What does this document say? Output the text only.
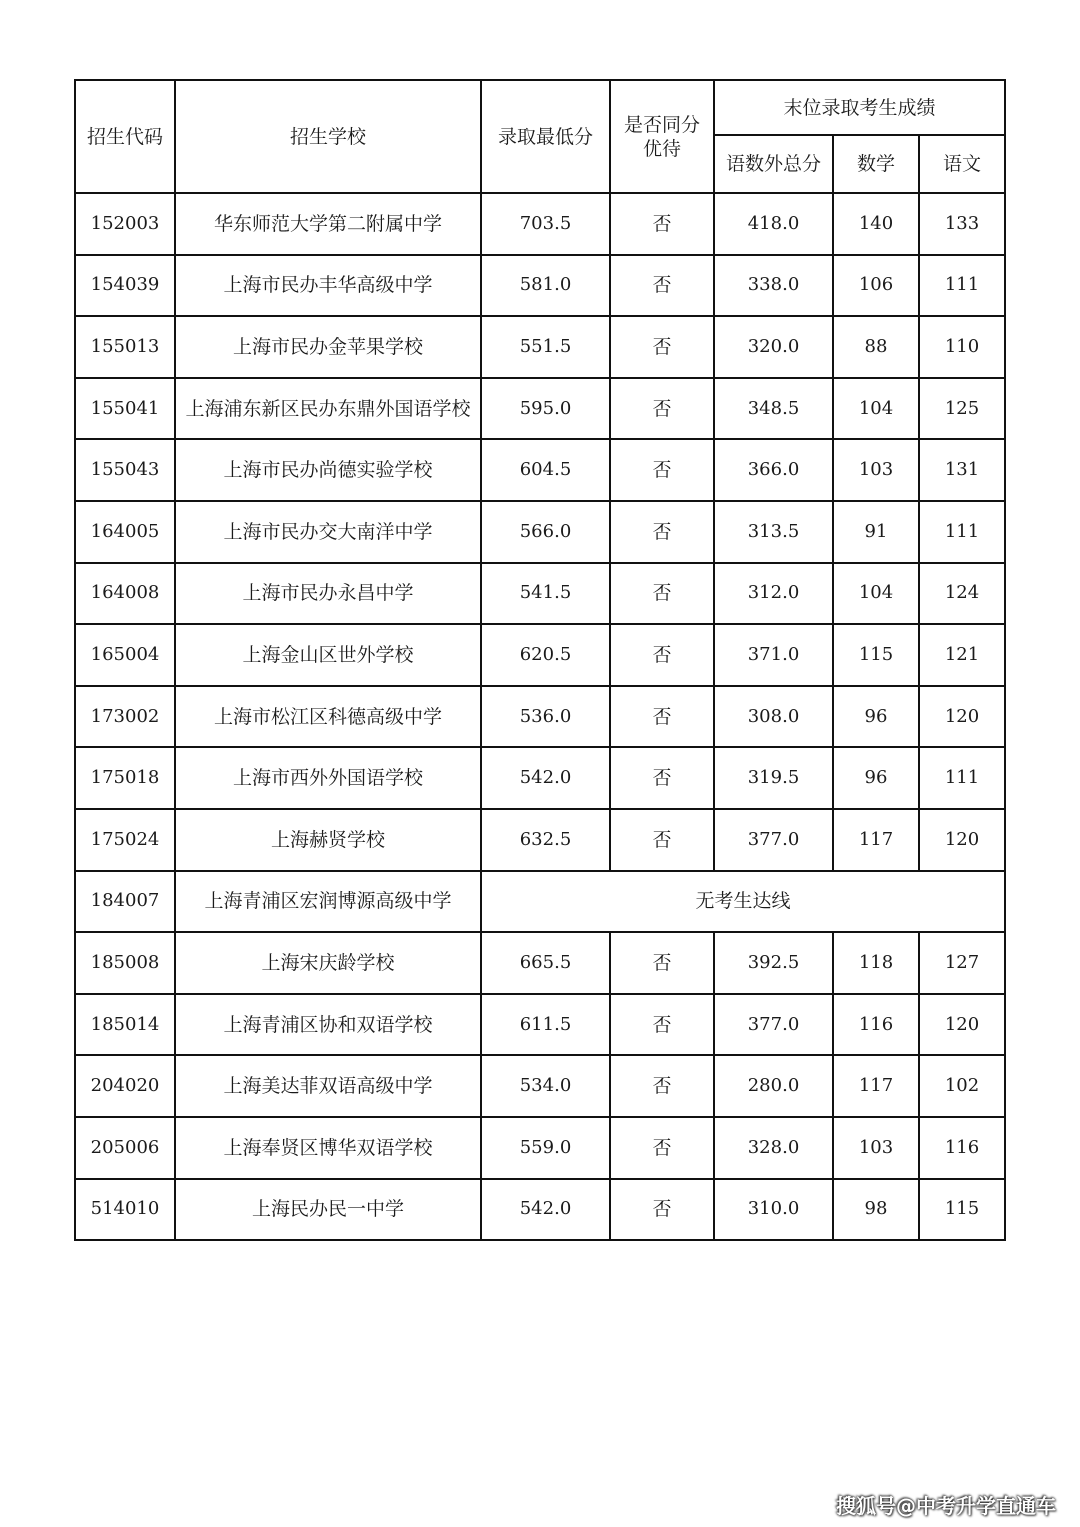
招生代码	招生学校	录取最低分	是否同分优待	末位录取考生成绩		
				语数外总分	数学	语文
152003	华东师范大学第二附属中学	703.5	否	418.0	140	133
154039	上海市民办丰华高级中学	581.0	否	338.0	106	111
155013	上海市民办金苹果学校	551.5	否	320.0	88	110
155041	上海浦东新区民办东鼎外国语学校	595.0	否	348.5	104	125
155043	上海市民办尚德实验学校	604.5	否	366.0	103	131
164005	上海市民办交大南洋中学	566.0	否	313.5	91	111
164008	上海市民办永昌中学	541.5	否	312.0	104	124
165004	上海金山区世外学校	620.5	否	371.0	115	121
173002	上海市松江区科德高级中学	536.0	否	308.0	96	120
175018	上海市西外外国语学校	542.0	否	319.5	96	111
175024	上海赫贤学校	632.5	否	377.0	117	120
184007	上海青浦区宏润博源高级中学	无考生达线				
185008	上海宋庆龄学校	665.5	否	392.5	118	127
185014	上海青浦区协和双语学校	611.5	否	377.0	116	120
204020	上海美达菲双语高级中学	534.0	否	280.0	117	102
205006	上海奉贤区博华双语学校	559.0	否	328.0	103	116
514010	上海民办民一中学	542.0	否	310.0	98	115
搜狐号@中考升学直通车
